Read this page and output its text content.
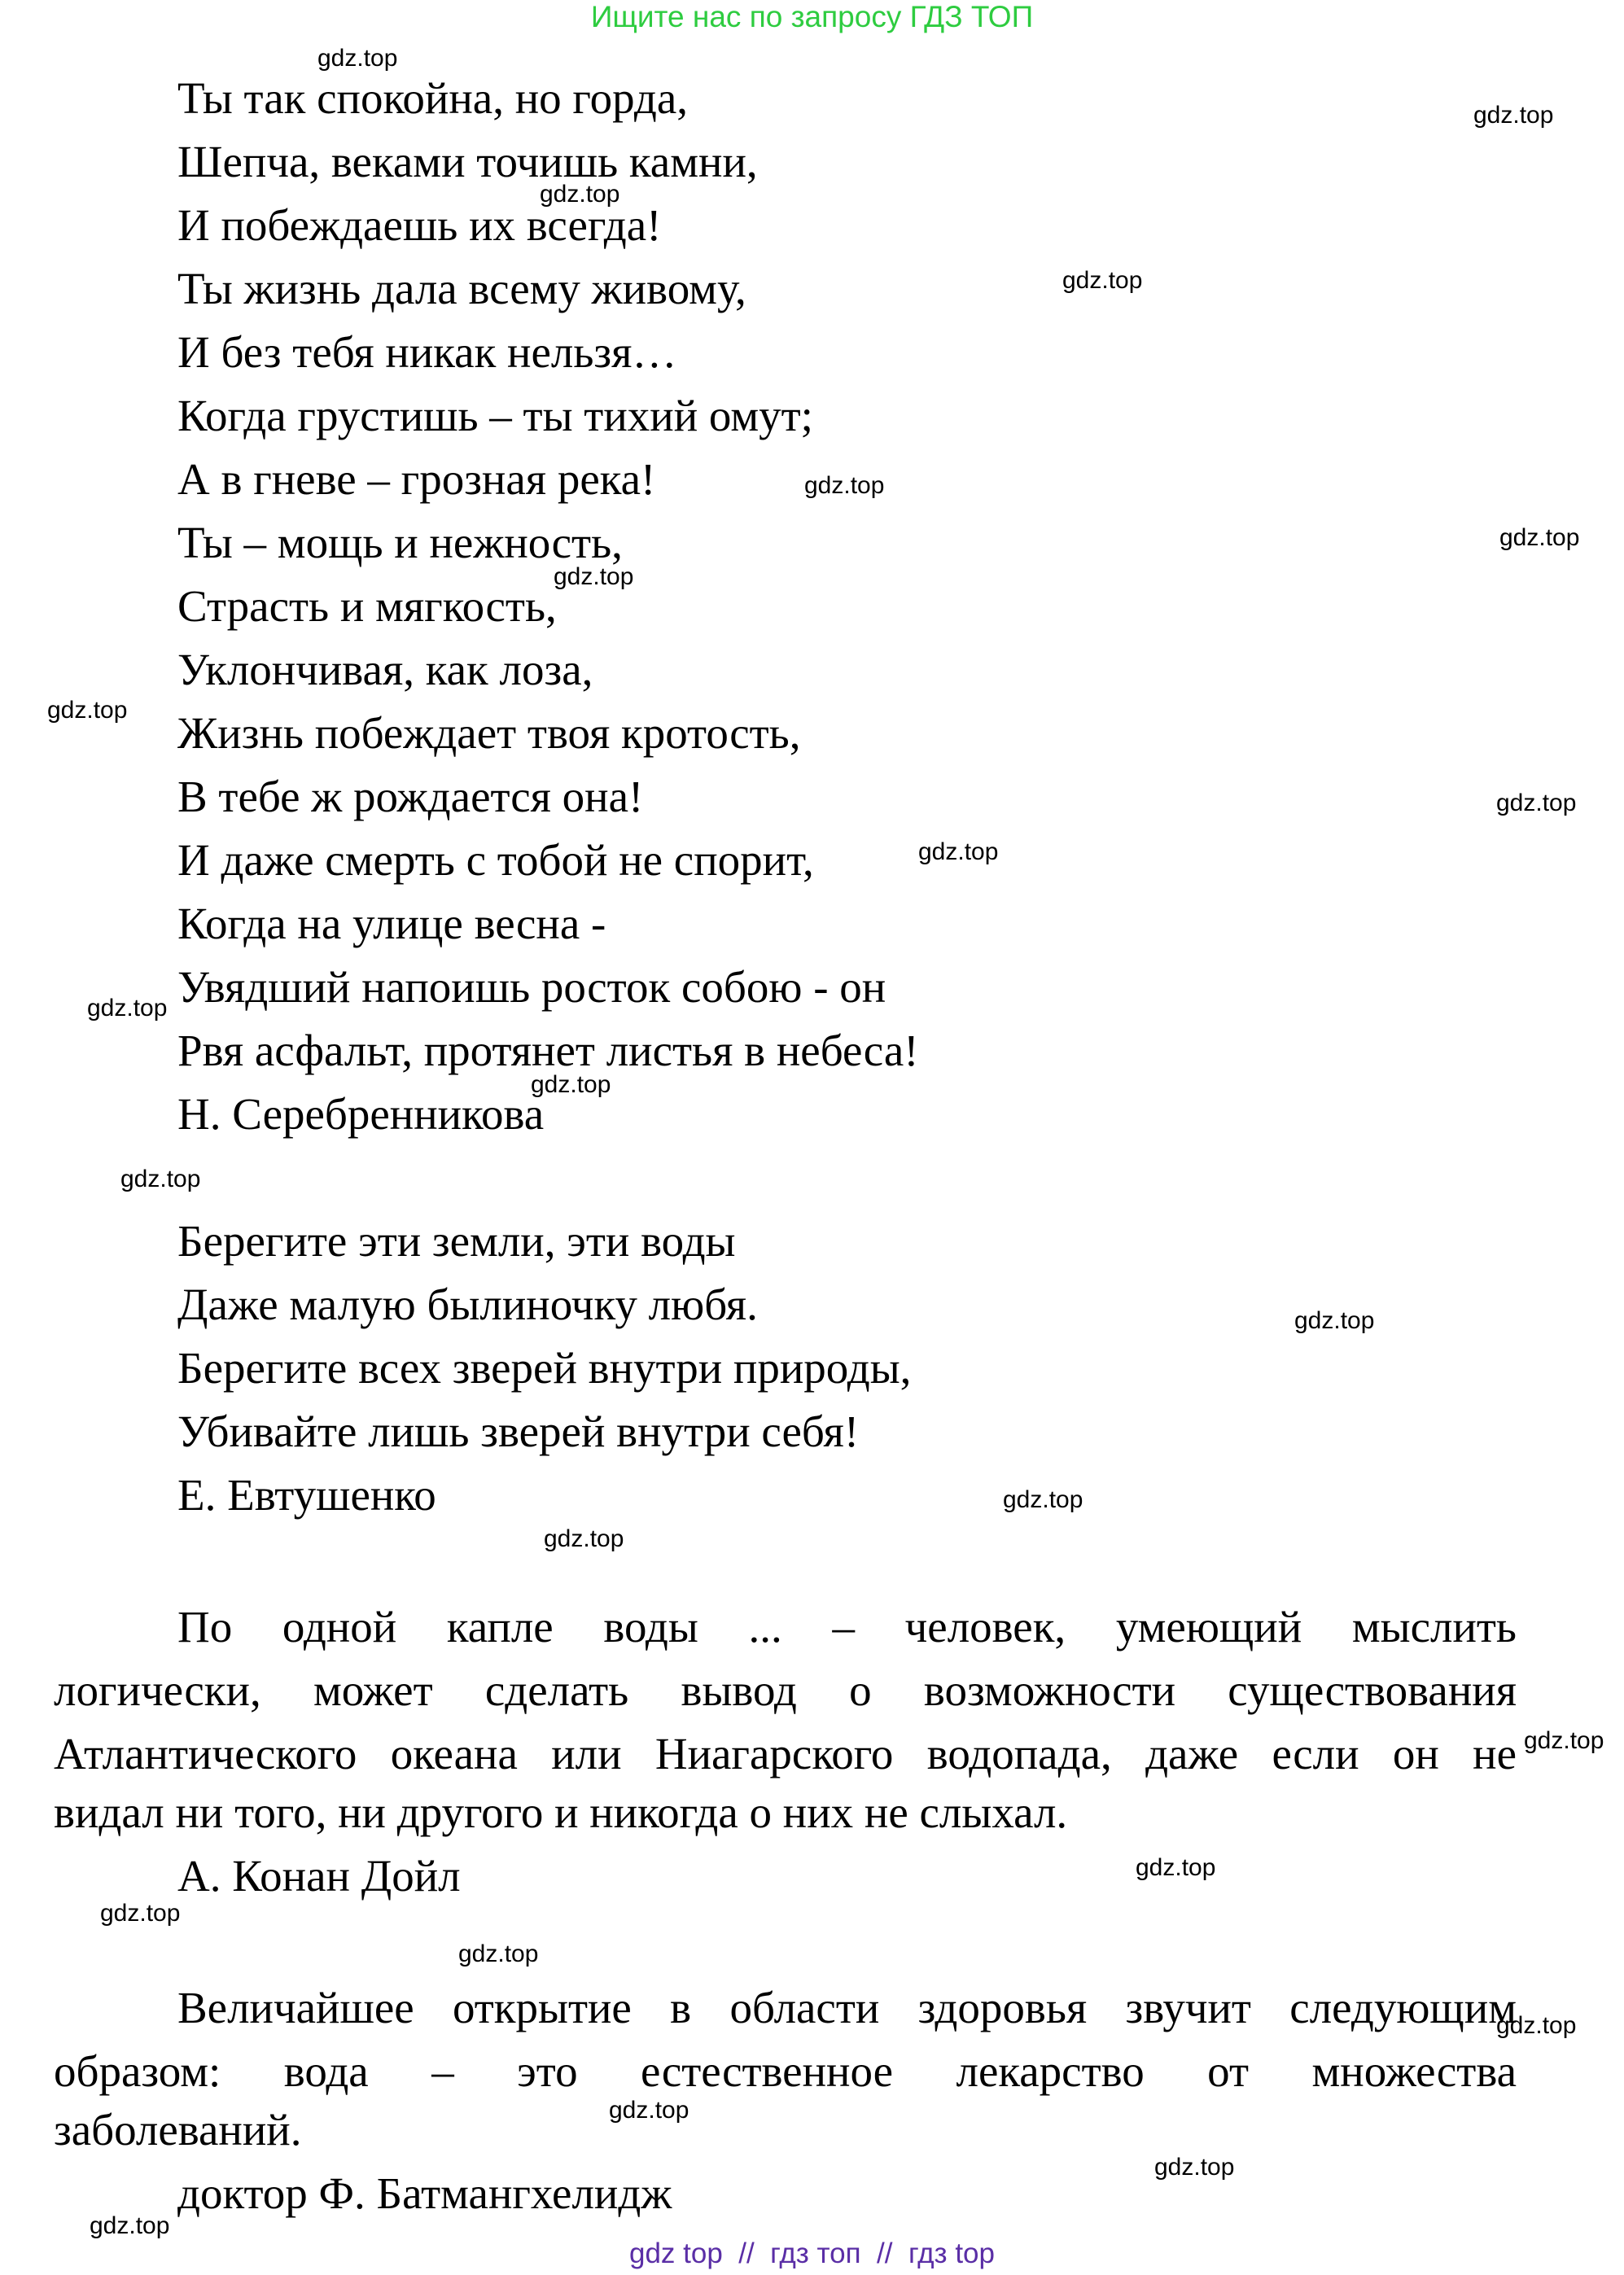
Ищите нас по запросу ГДЗ ТОП
Ты так спокойна, но горда,
Шепча, веками точишь камни,
И побеждаешь их всегда!
Ты жизнь дала всему живому,
И без тебя никак нельзя…
Когда грустишь – ты тихий омут;
А в гневе – грозная река!
Ты – мощь и нежность,
Страсть и мягкость,
Уклончивая, как лоза,
Жизнь побеждает твоя кротость,
В тебе ж рождается она!
И даже смерть с тобой не спорит,
Когда на улице весна -
Увядший напоишь росток собою - он
Рвя асфальт, протянет листья в небеса!
Н. Серебренникова
Берегите эти земли, эти воды
Даже малую былиночку любя.
Берегите всех зверей внутри природы,
Убивайте лишь зверей внутри себя!
Е. Евтушенко
По одной капле воды ... – человек, умеющий мыслить
логически, может сделать вывод о возможности существования
Атлантического океана или Ниагарского водопада, даже если он не
видал ни того, ни другого и никогда о них не слыхал.
А. Конан Дойл
Величайшее открытие в области здоровья звучит следующим
образом: вода – это естественное лекарство от множества
заболеваний.
доктор Ф. Батмангхелидж
gdz.top
gdz.top
gdz.top
gdz.top
gdz.top
gdz.top
gdz.top
gdz.top
gdz.top
gdz.top
gdz.top
gdz.top
gdz.top
gdz.top
gdz.top
gdz.top
gdz.top
gdz.top
gdz.top
gdz.top
gdz.top
gdz.top
gdz.top
gdz.top
gdz top  //  гдз топ  //  гдз top
